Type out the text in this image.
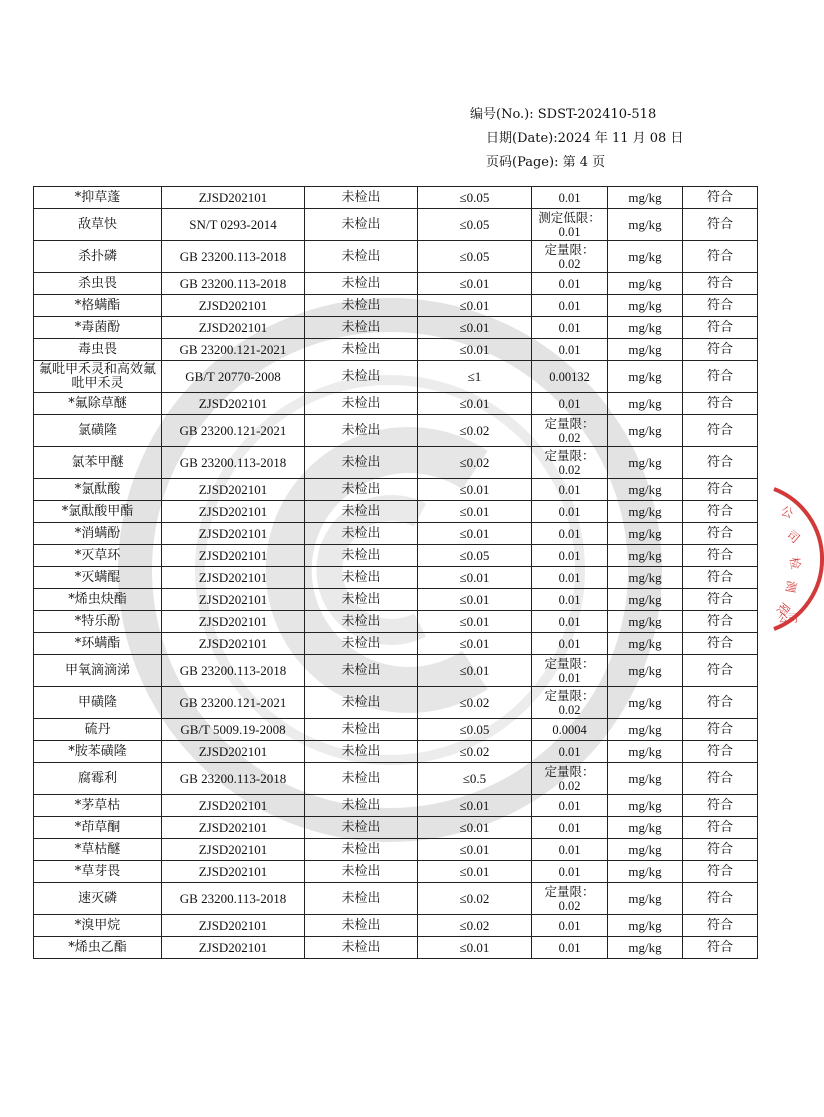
公
司
检
测
限
公司
编号(No.): SDST-202410-518
日期(Date):2024 年 11 月 08 日
页码(Page): 第 4 页
*抑草蓬	ZJSD202101	未检出	≤0.05	0.01	mg/kg	符合
敌草快	SN/T 0293-2014	未检出	≤0.05	测定低限：0.01	mg/kg	符合
杀扑磷	GB 23200.113-2018	未检出	≤0.05	定量限：0.02	mg/kg	符合
杀虫畏	GB 23200.113-2018	未检出	≤0.01	0.01	mg/kg	符合
*格螨酯	ZJSD202101	未检出	≤0.01	0.01	mg/kg	符合
*毒菌酚	ZJSD202101	未检出	≤0.01	0.01	mg/kg	符合
毒虫畏	GB 23200.121-2021	未检出	≤0.01	0.01	mg/kg	符合
氟吡甲禾灵和高效氟吡甲禾灵	GB/T 20770-2008	未检出	≤1	0.00132	mg/kg	符合
*氟除草醚	ZJSD202101	未检出	≤0.01	0.01	mg/kg	符合
氯磺隆	GB 23200.121-2021	未检出	≤0.02	定量限：0.02	mg/kg	符合
氯苯甲醚	GB 23200.113-2018	未检出	≤0.02	定量限：0.02	mg/kg	符合
*氯酞酸	ZJSD202101	未检出	≤0.01	0.01	mg/kg	符合
*氯酞酸甲酯	ZJSD202101	未检出	≤0.01	0.01	mg/kg	符合
*消螨酚	ZJSD202101	未检出	≤0.01	0.01	mg/kg	符合
*灭草环	ZJSD202101	未检出	≤0.05	0.01	mg/kg	符合
*灭螨醌	ZJSD202101	未检出	≤0.01	0.01	mg/kg	符合
*烯虫炔酯	ZJSD202101	未检出	≤0.01	0.01	mg/kg	符合
*特乐酚	ZJSD202101	未检出	≤0.01	0.01	mg/kg	符合
*环螨酯	ZJSD202101	未检出	≤0.01	0.01	mg/kg	符合
甲氧滴滴涕	GB 23200.113-2018	未检出	≤0.01	定量限：0.01	mg/kg	符合
甲磺隆	GB 23200.121-2021	未检出	≤0.02	定量限：0.02	mg/kg	符合
硫丹	GB/T 5009.19-2008	未检出	≤0.05	0.0004	mg/kg	符合
*胺苯磺隆	ZJSD202101	未检出	≤0.02	0.01	mg/kg	符合
腐霉利	GB 23200.113-2018	未检出	≤0.5	定量限：0.02	mg/kg	符合
*茅草枯	ZJSD202101	未检出	≤0.01	0.01	mg/kg	符合
*茚草酮	ZJSD202101	未检出	≤0.01	0.01	mg/kg	符合
*草枯醚	ZJSD202101	未检出	≤0.01	0.01	mg/kg	符合
*草芽畏	ZJSD202101	未检出	≤0.01	0.01	mg/kg	符合
速灭磷	GB 23200.113-2018	未检出	≤0.02	定量限：0.02	mg/kg	符合
*溴甲烷	ZJSD202101	未检出	≤0.02	0.01	mg/kg	符合
*烯虫乙酯	ZJSD202101	未检出	≤0.01	0.01	mg/kg	符合
